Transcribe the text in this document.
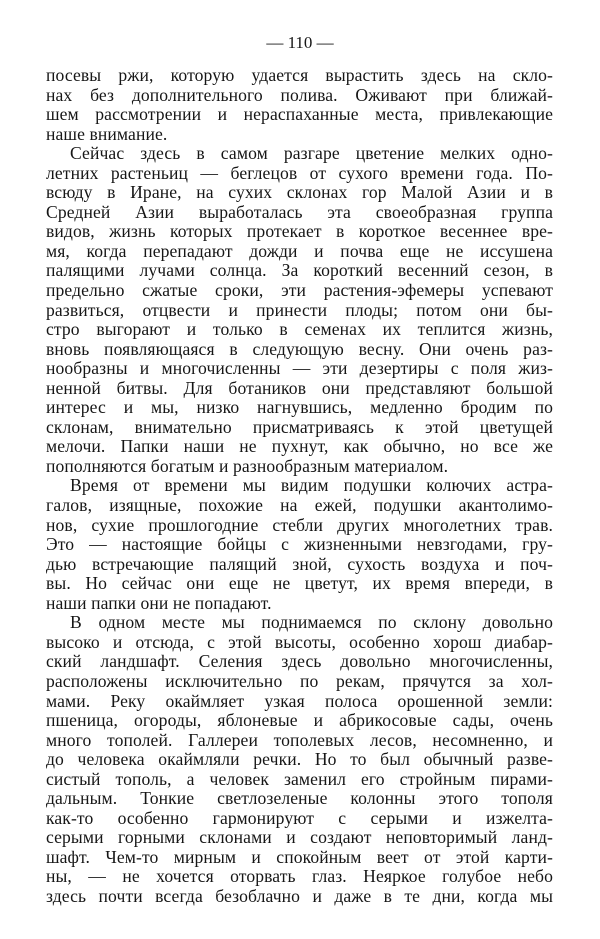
— 110 —
посевы ржи, которую удается вырастить здесь на скло-
нах без дополнительного полива. Оживают при ближай-
шем рассмотрении и нераспаханные места, привлекающие
наше внимание.
Сейчас здесь в самом разгаре цветение мелких одно-
летних растеньиц — беглецов от сухого времени года. По-
всюду в Иране, на сухих склонах гор Малой Азии и в
Средней Азии выработалась эта своеобразная группа
видов, жизнь которых протекает в короткое весеннее вре-
мя, когда перепадают дожди и почва еще не иссушена
палящими лучами солнца. За короткий весенний сезон, в
предельно сжатые сроки, эти растения-эфемеры успевают
развиться, отцвести и принести плоды; потом они бы-
стро выгорают и только в семенах их теплится жизнь,
вновь появляющаяся в следующую весну. Они очень раз-
нообразны и многочисленны — эти дезертиры с поля жиз-
ненной битвы. Для ботаников они представляют большой
интерес и мы, низко нагнувшись, медленно бродим по
склонам, внимательно присматриваясь к этой цветущей
мелочи. Папки наши не пухнут, как обычно, но все же
пополняются богатым и разнообразным материалом.
Время от времени мы видим подушки колючих астра-
галов, изящные, похожие на ежей, подушки акантолимо-
нов, сухие прошлогодние стебли других многолетних трав.
Это — настоящие бойцы с жизненными невзгодами, гру-
дью встречающие палящий зной, сухость воздуха и поч-
вы. Но сейчас они еще не цветут, их время впереди, в
наши папки они не попадают.
В одном месте мы поднимаемся по склону довольно
высоко и отсюда, с этой высоты, особенно хорош диабар-
ский ландшафт. Селения здесь довольно многочисленны,
расположены исключительно по рекам, прячутся за хол-
мами. Реку окаймляет узкая полоса орошенной земли:
пшеница, огороды, яблоневые и абрикосовые сады, очень
много тополей. Галлереи тополевых лесов, несомненно, и
до человека окаймляли речки. Но то был обычный разве-
систый тополь, а человек заменил его стройным пирами-
дальным. Тонкие светлозеленые колонны этого тополя
как-то особенно гармонируют с серыми и изжелта-
серыми горными склонами и создают неповторимый ланд-
шафт. Чем-то мирным и спокойным веет от этой карти-
ны, — не хочется оторвать глаз. Неяркое голубое небо
здесь почти всегда безоблачно и даже в те дни, когда мы
